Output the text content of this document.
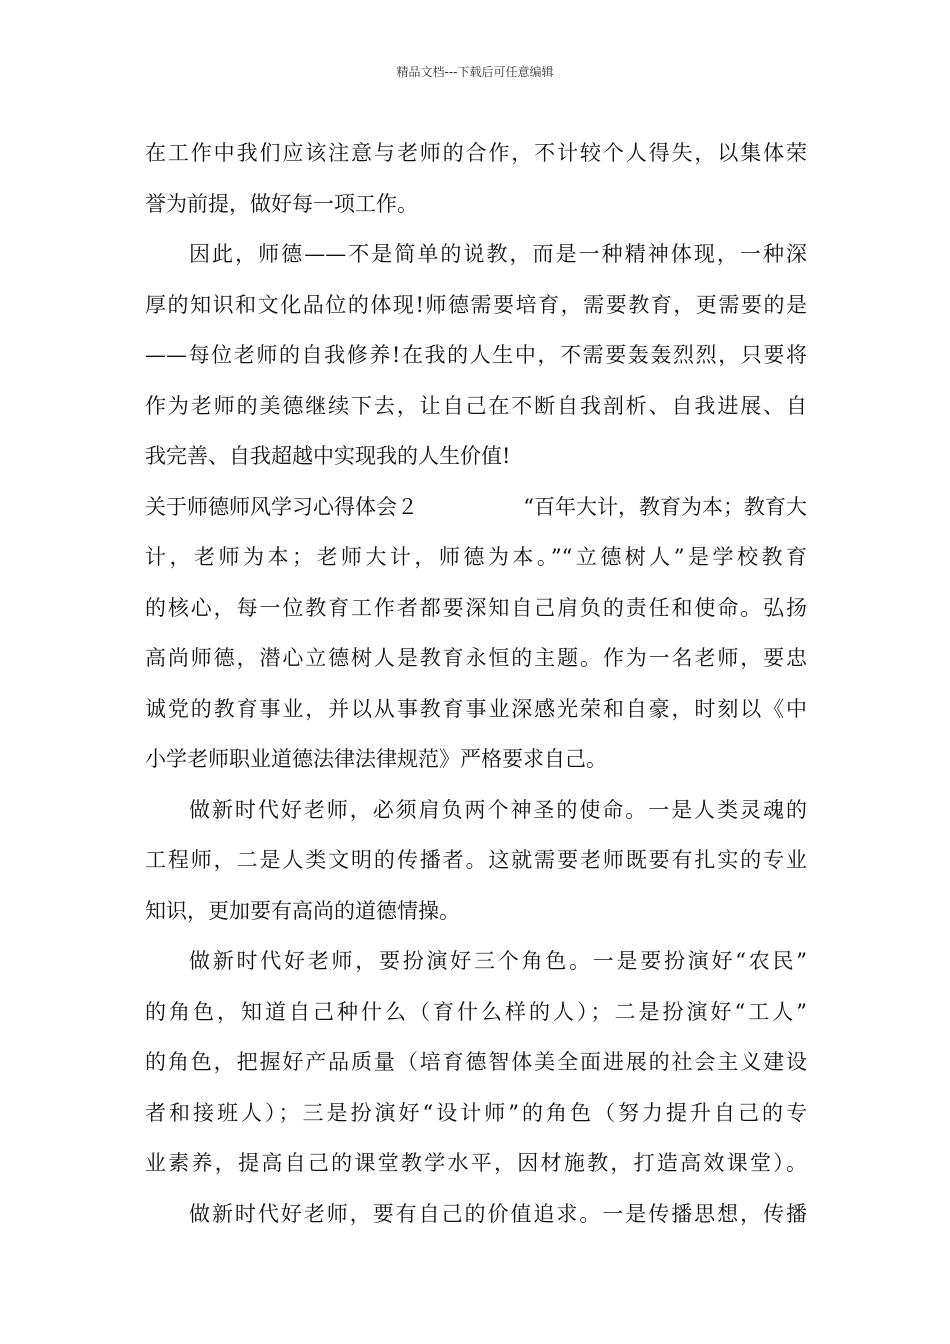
精品文档---下载后可任意编辑
在工作中我们应该注意与老师的合作，不计较个人得失，以集体荣
誉为前提，做好每一项工作。
因此，师德——不是简单的说教，而是一种精神体现，一种深
厚的知识和文化品位的体现!师德需要培育，需要教育，更需要的是
——每位老师的自我修养!在我的人生中，不需要轰轰烈烈，只要将
作为老师的美德继续下去，让自己在不断自我剖析、自我进展、自
我完善、自我超越中实现我的人生价值!
关于师德师风学习心得体会２	“百年大计，教育为本；教育大
计，老师为本；老师大计，师德为本。”“立德树人”是学校教育
的核心，每一位教育工作者都要深知自己肩负的责任和使命。弘扬
高尚师德，潜心立德树人是教育永恒的主题。作为一名老师，要忠
诚党的教育事业，并以从事教育事业深感光荣和自豪，时刻以《中
小学老师职业道德法律法律规范》严格要求自己。
做新时代好老师，必须肩负两个神圣的使命。一是人类灵魂的
工程师，二是人类文明的传播者。这就需要老师既要有扎实的专业
知识，更加要有高尚的道德情操。
做新时代好老师，要扮演好三个角色。一是要扮演好“农民”
的角色，知道自己种什么（育什么样的人）；二是扮演好“工人”
的角色，把握好产品质量（培育德智体美全面进展的社会主义建设
者和接班人）；三是扮演好“设计师”的角色（努力提升自己的专
业素养，提高自己的课堂教学水平，因材施教，打造高效课堂）。
做新时代好老师，要有自己的价值追求。一是传播思想，传播
